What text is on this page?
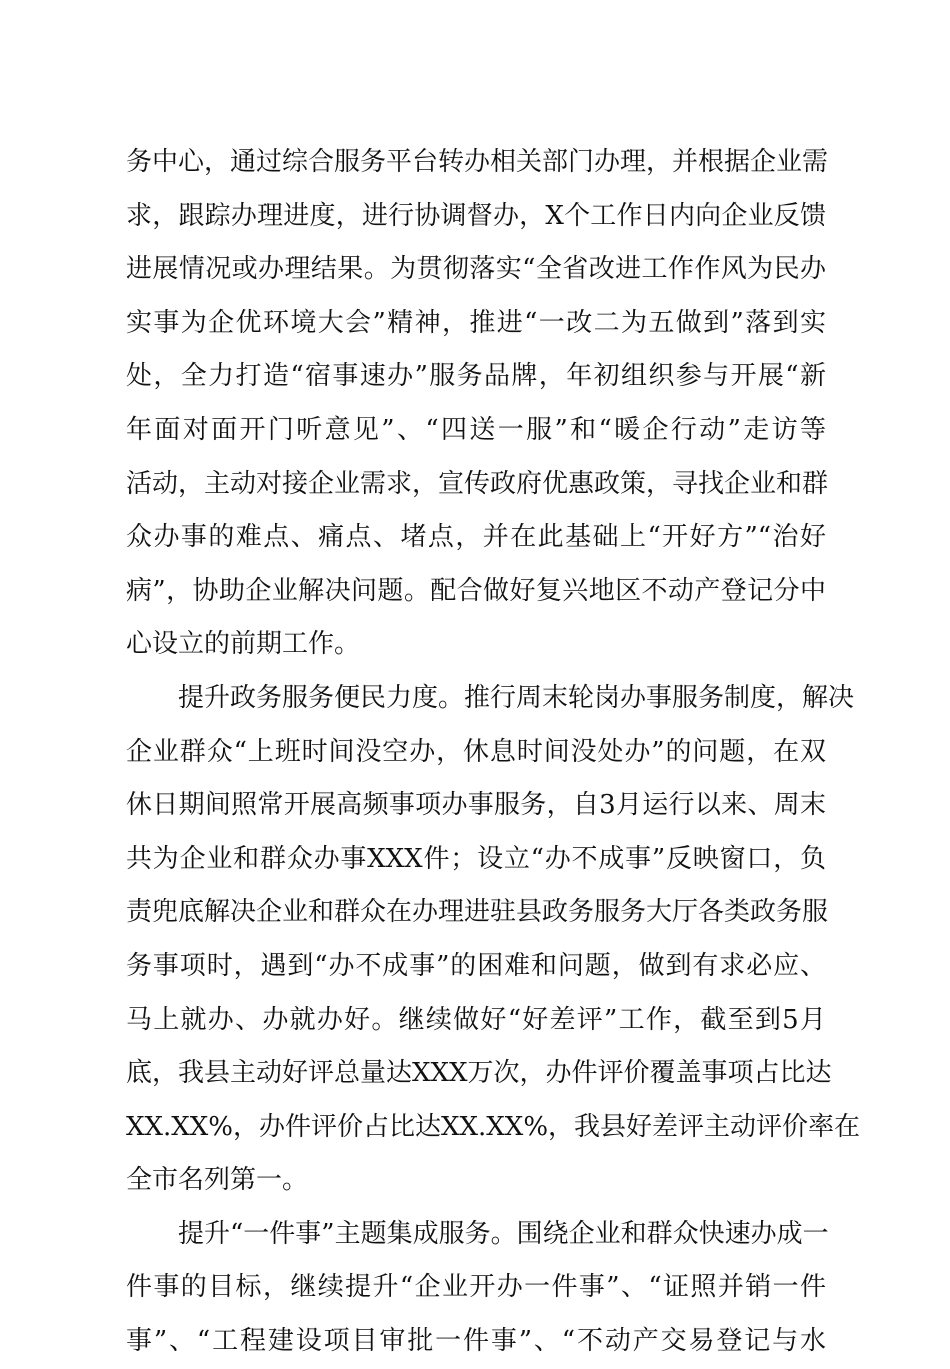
务中心，通过综合服务平台转办相关部门办理，并根据企业需
求，跟踪办理进度，进行协调督办，X个工作日内向企业反馈
进展情况或办理结果。为贯彻落实“全省改进工作作风为民办
实事为企优环境大会”精神，推进“一改二为五做到”落到实
处，全力打造“宿事速办”服务品牌，年初组织参与开展“新
年面对面开门听意见”、“四送一服”和“暖企行动”走访等
活动，主动对接企业需求，宣传政府优惠政策，寻找企业和群
众办事的难点、痛点、堵点，并在此基础上“开好方”“治好
病”，协助企业解决问题。配合做好复兴地区不动产登记分中
心设立的前期工作。
提升政务服务便民力度。推行周末轮岗办事服务制度，解决
企业群众“上班时间没空办，休息时间没处办”的问题，在双
休日期间照常开展高频事项办事服务，自3月运行以来、周末
共为企业和群众办事XXX件；设立“办不成事”反映窗口，负
责兜底解决企业和群众在办理进驻县政务服务大厅各类政务服
务事项时，遇到“办不成事”的困难和问题，做到有求必应、
马上就办、办就办好。继续做好“好差评”工作，截至到5月
底，我县主动好评总量达XXX万次，办件评价覆盖事项占比达
XX.XX%，办件评价占比达XX.XX%，我县好差评主动评价率在
全市名列第一。
提升“一件事”主题集成服务。围绕企业和群众快速办成一
件事的目标，继续提升“企业开办一件事”、“证照并销一件
事”、“工程建设项目审批一件事”、“不动产交易登记与水
